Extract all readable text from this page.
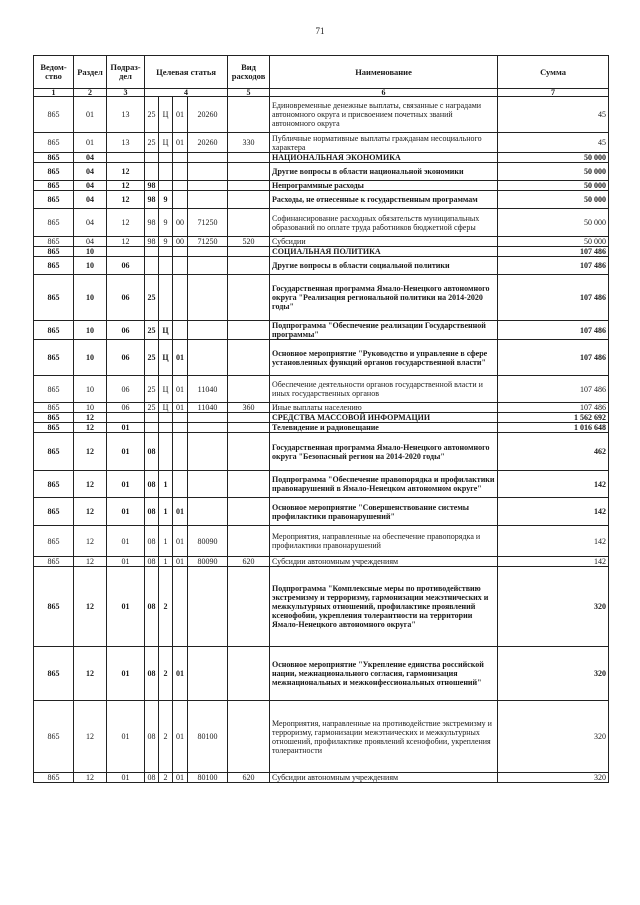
71
Ведом-ство	Раздел	Подраз-дел	Целевая статья				Вид расходов	Наименование	Сумма
1	2	3	4				5	6	7
865	01	13	25	Ц	01	20260		Единовременные денежные выплаты, связанные с наградами автономного округа и присвоением почетных званий автономного округа	45
865	01	13	25	Ц	01	20260	330	Публичные нормативные выплаты гражданам несоциального характера	45
865	04							НАЦИОНАЛЬНАЯ ЭКОНОМИКА	50 000
865	04	12						Другие вопросы в области национальной экономики	50 000
865	04	12	98					Непрограммные расходы	50 000
865	04	12	98	9				Расходы, не отнесенные к государственным программам	50 000
865	04	12	98	9	00	71250		Софинансирование расходных обязательств муниципальных образований по оплате труда работников бюджетной сферы	50 000
865	04	12	98	9	00	71250	520	Субсидии	50 000
865	10							СОЦИАЛЬНАЯ ПОЛИТИКА	107 486
865	10	06						Другие вопросы в области социальной политики	107 486
865	10	06	25					Государственная программа Ямало-Ненецкого автономного округа "Реализация региональной политики на 2014-2020 годы"	107 486
865	10	06	25	Ц				Подпрограмма "Обеспечение реализации Государственной программы"	107 486
865	10	06	25	Ц	01			Основное мероприятие "Руководство и управление в сфере установленных функций органов государственной власти"	107 486
865	10	06	25	Ц	01	11040		Обеспечение деятельности органов государственной власти и иных государственных органов	107 486
865	10	06	25	Ц	01	11040	360	Иные выплаты населению	107 486
865	12							СРЕДСТВА МАССОВОЙ ИНФОРМАЦИИ	1 562 692
865	12	01						Телевидение и радиовещание	1 016 648
865	12	01	08					Государственная программа Ямало-Ненецкого автономного округа "Безопасный регион на 2014-2020 годы"	462
865	12	01	08	1				Подпрограмма "Обеспечение правопорядка и профилактики правонарушений в Ямало-Ненецком автономном округе"	142
865	12	01	08	1	01			Основное мероприятие "Совершенствование системы профилактики правонарушений"	142
865	12	01	08	1	01	80090		Мероприятия, направленные на обеспечение правопорядка и профилактики правонарушений	142
865	12	01	08	1	01	80090	620	Субсидии автономным учреждениям	142
865	12	01	08	2				Подпрограмма "Комплексные меры по противодействию экстремизму и терроризму, гармонизации межэтнических и межкультурных отношений, профилактике проявлений ксенофобии, укрепления толерантности на территории Ямало-Ненецкого автономного округа"	320
865	12	01	08	2	01			Основное мероприятие "Укрепление единства российской нации, межнационального согласия, гармонизация межнациональных и межконфессиональных отношений"	320
865	12	01	08	2	01	80100		Мероприятия, направленные на противодействие экстремизму и терроризму, гармонизации межэтнических и межкультурных отношений, профилактике проявлений ксенофобии, укрепления толерантности	320
865	12	01	08	2	01	80100	620	Субсидии автономным учреждениям	320
